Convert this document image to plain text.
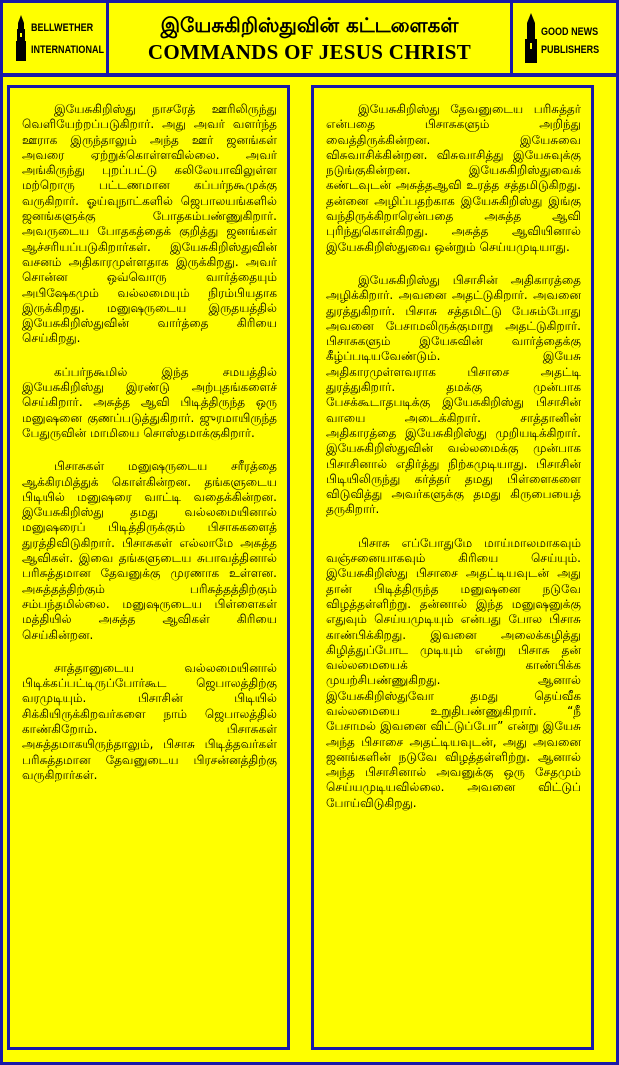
BELLWETHER
INTERNATIONAL
இயேசுகிறிஸ்துவின் கட்டளைகள்
COMMANDS OF JESUS CHRIST
GOOD NEWS
PUBLISHERS

இயேசுகிறிஸ்து நாசரேத் ஊரிலிருந்து வெளியேற்றப்படுகிறார். அது அவர் வளர்ந்த ஊராக இருந்தாலும் அந்த ஊர் ஜனங்கள் அவரை ஏற்றுக்கொள்ளவில்லை. அவர் அங்கிருந்து புறப்பட்டு கலிலேயாவிலுள்ள மற்றொரு பட்டணமான கப்பர்நகூமுக்கு வருகிறார். ஓய்வுநாட்களில் ஜெபாலயங்களில் ஜனங்களுக்கு போதகம்பண்ணுகிறார். அவருடைய போதகத்தைக் குறித்து ஜனங்கள் ஆச்சரியப்படுகிறார்கள். இயேசுகிறிஸ்துவின் வசனம் அதிகாரமுள்ளதாக இருக்கிறது. அவர் சொன்ன ஒவ்வொரு வார்த்தையும் அபிஷேகமும் வல்லமையும் நிரம்பியதாக இருக்கிறது. மனுஷருடைய இருதயத்தில் இயேசுகிறிஸ்துவின் வார்த்தை கிரியை செய்கிறது.

கப்பர்நகூமில் இந்த சமயத்தில் இயேசுகிறிஸ்து இரண்டு அற்புதங்களைச் செய்கிறார். அசுத்த ஆவி பிடித்திருந்த ஒரு மனுஷனை குணப்படுத்துகிறார். ஜுரமாயிருந்த பேதுருவின் மாமியை சொஸ்தமாக்குகிறார்.

பிசாசுகள் மனுஷருடைய சரீரத்தை ஆக்கிரமித்துக் கொள்கின்றன. தங்களுடைய பிடியில் மனுஷரை வாட்டி வதைக்கின்றன. இயேசுகிறிஸ்து தமது வல்லமையினால் மனுஷரைப் பிடித்திருக்கும் பிசாசுகளைத் துரத்திவிடுகிறார். பிசாசுகள் எல்லாமே அசுத்த ஆவிகள். இவை தங்களுடைய சுபாவத்தினால் பரிசுத்தமான தேவனுக்கு முரணாக உள்ளன. அசுத்தத்திற்கும் பரிசுத்தத்திற்கும் சம்பந்தமில்லை. மனுஷருடைய பிள்ளைகள் மத்தியில் அசுத்த ஆவிகள் கிரியை செய்கின்றன.

சாத்தானுடைய வல்லமையினால் பிடிக்கப்பட்டிருப்போர்கூட ஜெபாலத்திற்கு வரமுடியும். பிசாசின் பிடியில் சிக்கியிருக்கிறவர்களை நாம் ஜெபாலத்தில் காண்கிறோம். பிசாசுகள் அசுத்தமாகயிருந்தாலும், பிசாசு பிடித்தவர்கள் பரிசுத்தமான தேவனுடைய பிரசன்னத்திற்கு வருகிறார்கள்.

இயேசுகிறிஸ்து தேவனுடைய பரிசுத்தர் என்பதை பிசாசுகளும் அறிந்து வைத்திருக்கின்றன. இயேசுவை விசுவாசிக்கின்றன. விசுவாசித்து இயேசுவுக்கு நடுங்குகின்றன. இயேசுகிறிஸ்துவைக் கண்டவுடன் அசுத்தஆவி உரத்த சத்தமிடுகிறது. தன்னை அழிப்பதற்காக இயேசுகிறிஸ்து இங்கு வந்திருக்கிறாரென்பதை அசுத்த ஆவி புரிந்துகொள்கிறது. அசுத்த ஆவியினால் இயேசுகிறிஸ்துவை ஒன்றும் செய்யமுடியாது.

இயேசுகிறிஸ்து பிசாசின் அதிகாரத்தை அழிக்கிறார். அவனை அதட்டுகிறார். அவனை துரத்துகிறார். பிசாசு சத்தமிட்டு பேசும்போது அவனை பேசாமலிருக்குமாறு அதட்டுகிறார். பிசாசுகளும் இயேசுவின் வார்த்தைக்கு கீழ்ப்படியவேண்டும். இயேசு அதிகாரமுள்ளவராக பிசாசை அதட்டி துரத்துகிறார். தமக்கு முன்பாக பேசக்கூடாதபடிக்கு இயேசுகிறிஸ்து பிசாசின் வாயை அடைக்கிறார். சாத்தானின் அதிகாரத்தை இயேசுகிறிஸ்து முறியடிக்கிறார். இயேசுகிறிஸ்துவின் வல்லமைக்கு முன்பாக பிசாசினால் எதிர்த்து நிற்கமுடியாது. பிசாசின் பிடியிலிருந்து கர்த்தர் தமது பிள்ளைகளை விடுவித்து அவர்களுக்கு தமது கிருபையைத் தருகிறார்.

பிசாசு எப்போதுமே மாய்மாலமாகவும் வஞ்சனையாகவும் கிரியை செய்யும். இயேசுகிறிஸ்து பிசாசை அதட்டியவுடன் அது தான் பிடித்திருந்த மனுஷனை நடுவே விழத்தள்ளிற்று. தன்னால் இந்த மனுஷனுக்கு எதுவும் செய்யமுடியும் என்பது போல பிசாசு காண்பிக்கிறது. இவனை அலைக்கழித்து கிழித்துப்போட முடியும் என்று பிசாசு தன் வல்லமையைக் காண்பிக்க முயற்சிபண்ணுகிறது. ஆனால் இயேசுகிறிஸ்துவோ தமது தெய்வீக வல்லமையை உறுதிபண்ணுகிறார். “நீ பேசாமல் இவனை விட்டுப்போ” என்று இயேசு அந்த பிசாசை அதட்டியவுடன், அது அவனை ஜனங்களின் நடுவே விழத்தள்ளிற்று. ஆனால் அந்த பிசாசினால் அவனுக்கு ஒரு சேதமும் செய்யமுடியவில்லை. அவனை விட்டுப் போய்விடுகிறது.
